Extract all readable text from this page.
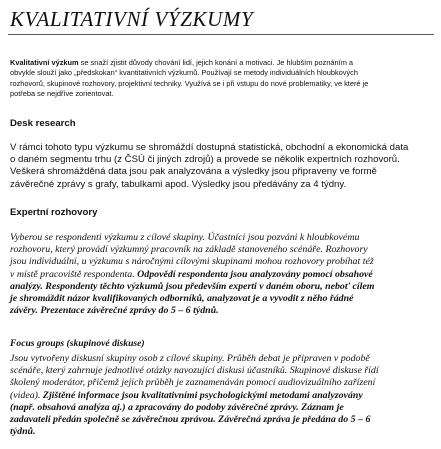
KVALITATIVNÍ VÝZKUMY
Kvalitativní výzkum se snaží zjistit důvody chování lidí, jejich konání a motivaci. Je hlubším poznáním a
obvykle slouží jako „předskokan“ kvantitativních výzkumů. Používají se metody individuálních hloubkových
rozhovorů, skupinové rozhovory, projektivní techniky. Využívá se i při vstupu do nové problematiky, ve které je
potřeba se nejdříve zorientovat.
Desk research
V rámci tohoto typu výzkumu se shromáždí dostupná statistická, obchodní a ekonomická data
o daném segmentu trhu (z ČSÚ či jiných zdrojů) a provede se několik expertních rozhovorů.
Veškerá shromážděná data jsou pak analyzována a výsledky jsou připraveny ve formě
závěrečné zprávy s grafy, tabulkami apod. Výsledky jsou předávány za 4 týdny.
Expertní rozhovory
Vyberou se respondenti výzkumu z cílové skupiny. Účastníci jsou pozváni k hloubkovému
rozhovoru, který provádí výzkumný pracovník na základě stanoveného scénáře. Rozhovory
jsou individuální, u výzkumu s náročnými cílovými skupinami mohou rozhovory probíhat též
v místě pracoviště respondenta. Odpovědí respondenta jsou analyzovány pomocí obsahové
analýzy. Respondenty těchto výzkumů jsou především experti v daném oboru, neboť cílem
je shromáždit názor kvalifikovaných odborníků, analyzovat je a vyvodit z něho řádné
závěry. Prezentace závěrečné zprávy do 5 – 6 týdnů.
Focus groups (skupinové diskuse)
Jsou vytvořeny diskusní skupiny osob z cílové skupiny. Průběh debat je připraven v podobě
scénáře, který zahrnuje jednotlivé otázky navozující diskusi účastníků. Skupinové diskuse řídí
školený moderátor, přičemž jejich průběh je zaznamenáván pomocí audiovizuálního zařízení
(videa). Zjištěné informace jsou kvalitativními psychologickými metodami analyzovány
(např. obsahová analýza aj.) a zpracovány do podoby závěrečné zprávy. Záznam je
zadavateli předán společně se závěrečnou zprávou. Závěrečná zpráva je předána do 5 – 6
týdnů.
